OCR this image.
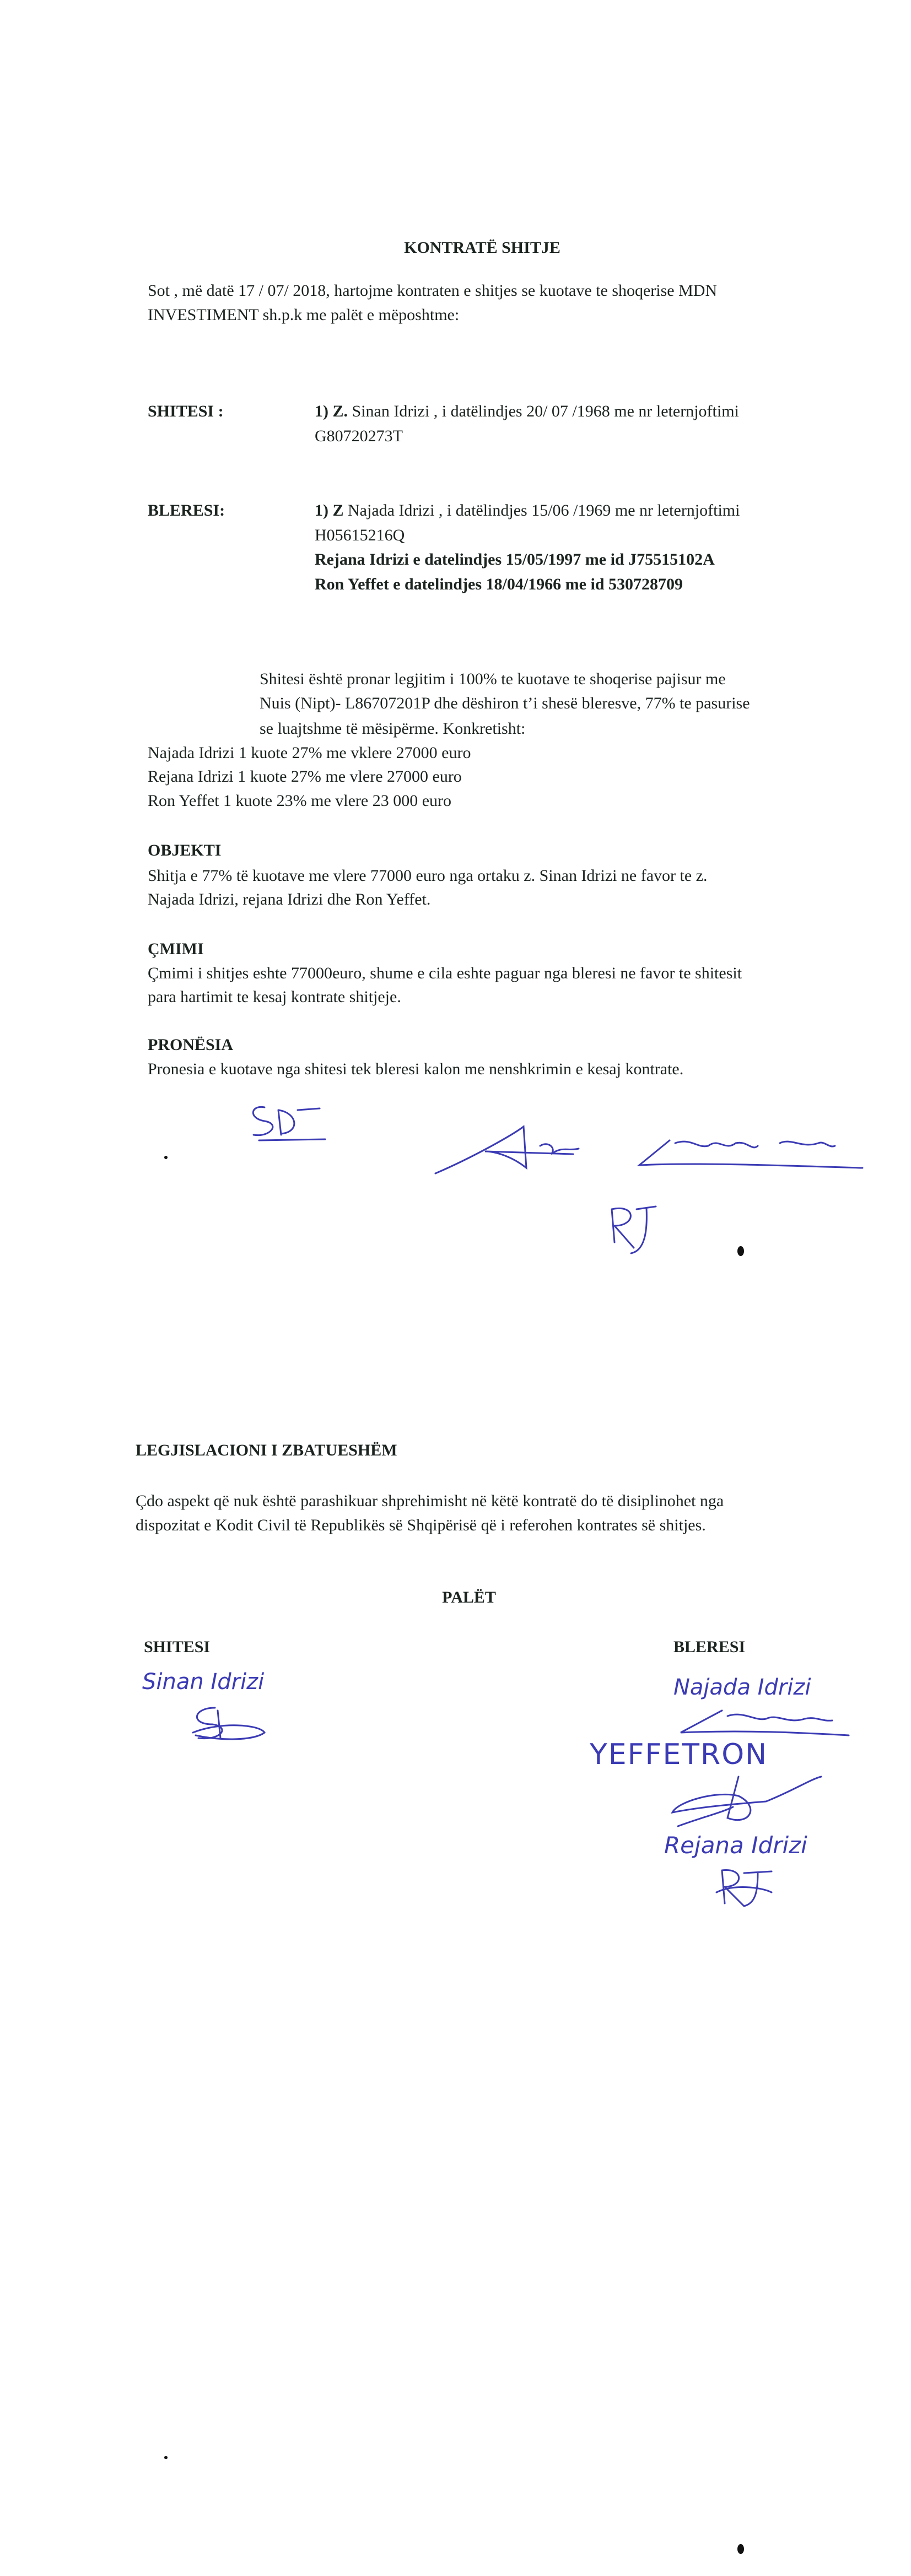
KONTRATË SHITJE
Sot , më datë 17 / 07/ 2018, hartojme kontraten e shitjes se kuotave te shoqerise MDN
INVESTIMENT sh.p.k me palët e mëposhtme:
SHITESI :	1) Z. Sinan Idrizi , i datëlindjes 20/ 07 /1968 me nr leternjoftimi
G80720273T
BLERESI:	1) Z Najada Idrizi , i datëlindjes 15/06 /1969 me nr leternjoftimi
H05615216Q
Rejana Idrizi e datelindjes 15/05/1997 me id J75515102A
Ron Yeffet e datelindjes 18/04/1966 me id 530728709
Shitesi është pronar legjitim i 100% te kuotave te shoqerise pajisur me
Nuis (Nipt)- L86707201P dhe dëshiron t’i shesë bleresve, 77% te pasurise
se luajtshme të mësipërme. Konkretisht:
Najada Idrizi 1 kuote 27% me vklere 27000 euro
Rejana Idrizi 1 kuote 27% me vlere 27000 euro
Ron Yeffet 1 kuote 23% me vlere 23 000 euro
OBJEKTI
Shitja e 77% të kuotave me vlere 77000 euro nga ortaku z. Sinan Idrizi ne favor te z.
Najada Idrizi, rejana Idrizi dhe Ron Yeffet.
ÇMIMI
Çmimi i shitjes eshte 77000euro, shume e cila eshte paguar nga bleresi ne favor te shitesit
para hartimit te kesaj kontrate shitjeje.
PRONËSIA
Pronesia e kuotave nga shitesi tek bleresi kalon me nenshkrimin e kesaj kontrate.
LEGJISLACIONI I ZBATUESHËM
Çdo aspekt që nuk është parashikuar shprehimisht në këtë kontratë do të disiplinohet nga
dispozitat e Kodit Civil të Republikës së Shqipërisë që i referohen kontrates së shitjes.
PALËT
SHITESI	BLERESI
Sinan Idrizi	Najada Idrizi
YEFFETRON
Rejana Idrizi
